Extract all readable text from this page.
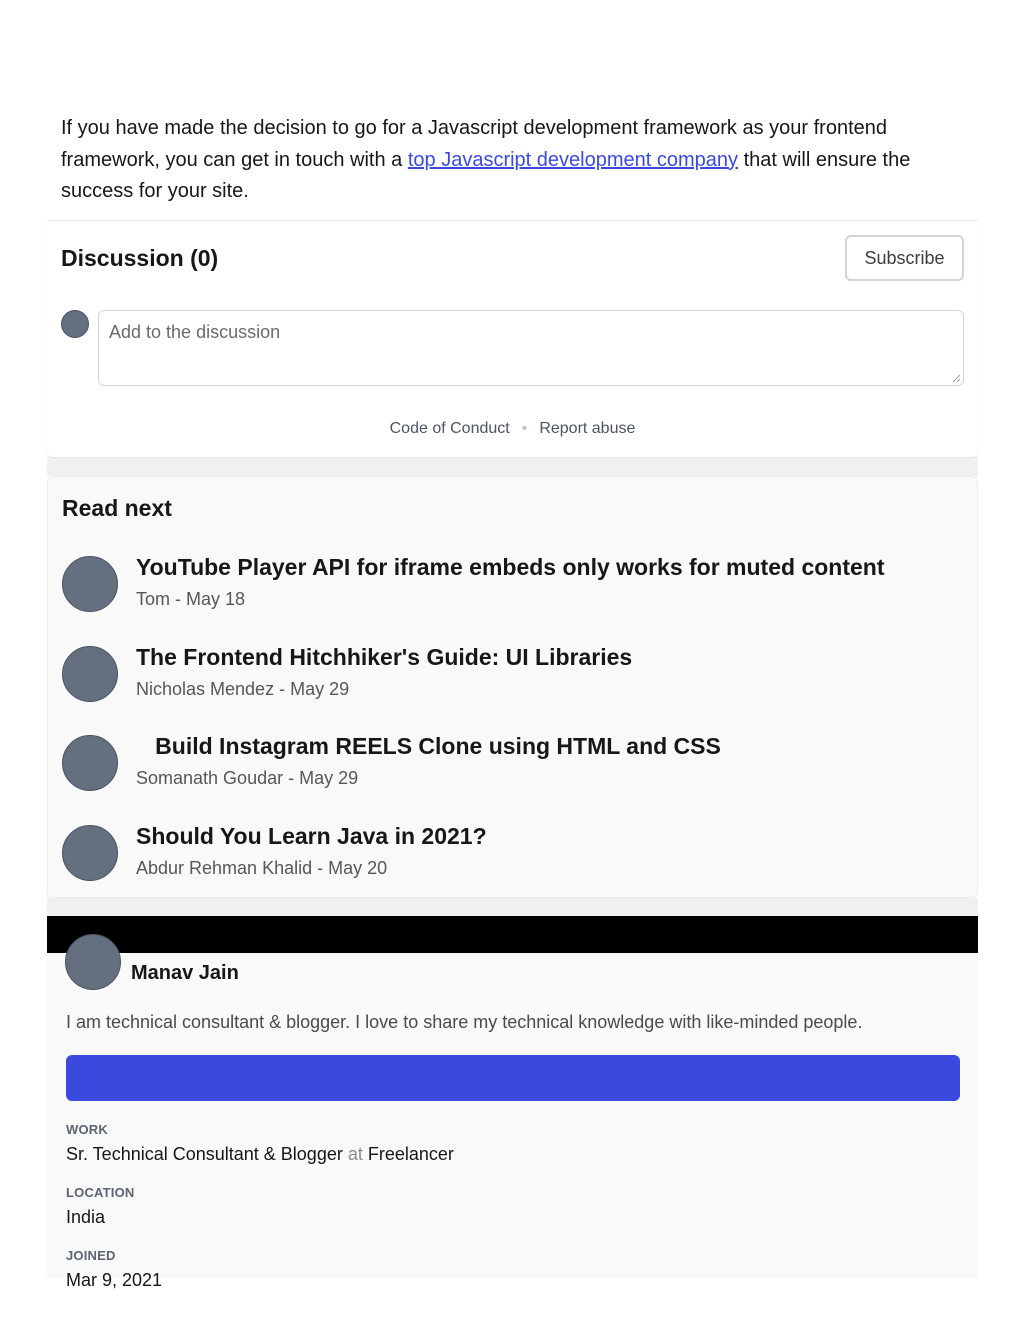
If you have made the decision to go for a Javascript development framework as your frontend framework, you can get in touch with a top Javascript development company that will ensure the success for your site.

Discussion (0)	Subscribe
Add to the discussion
Code of Conduct • Report abuse
Read next
YouTube Player API for iframe embeds only works for muted content
Tom - May 18
The Frontend Hitchhiker's Guide: UI Libraries
Nicholas Mendez - May 29
Build Instagram REELS Clone using HTML and CSS
Somanath Goudar - May 29
Should You Learn Java in 2021?
Abdur Rehman Khalid - May 20
Manav Jain
I am technical consultant & blogger. I love to share my technical knowledge with like-minded people.
WORK
Sr. Technical Consultant & Blogger at Freelancer
LOCATION
India
JOINED
Mar 9, 2021
